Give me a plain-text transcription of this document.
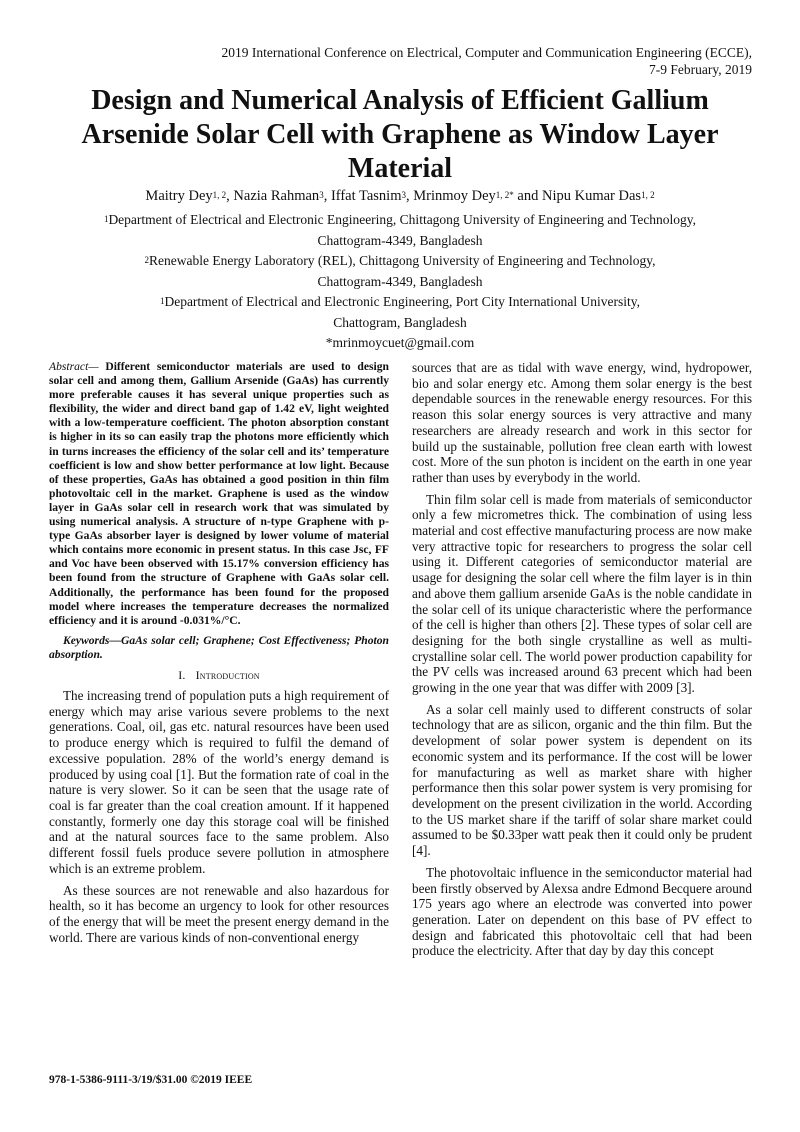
2019 International Conference on Electrical, Computer and Communication Engineering (ECCE),
7-9 February, 2019
Design and Numerical Analysis of Efficient Gallium Arsenide Solar Cell with Graphene as Window Layer Material
Maitry Dey$^{1, 2}$, Nazia Rahman$^3$, Iffat Tasnim$^3$, Mrinmoy Dey$^{1, 2*}$ and Nipu Kumar Das$^{1, 2}$

$^1$Department of Electrical and Electronic Engineering, Chittagong University of Engineering and Technology,

Chattogram-4349, Bangladesh

$^2$Renewable Energy Laboratory (REL), Chittagong University of Engineering and Technology,

Chattogram-4349, Bangladesh

$^1$Department of Electrical and Electronic Engineering, Port City International University,

Chattogram, Bangladesh

*mrinmoycuet@gmail.com

Abstract— Different semiconductor materials are used to design solar cell and among them, Gallium Arsenide (GaAs) has currently more preferable causes it has several unique properties such as flexibility, the wider and direct band gap of 1.42 eV, light weighted with a low-temperature coefficient. The photon absorption constant is higher in its so can easily trap the photons more efficiently which in turns increases the efficiency of the solar cell and its’ temperature coefficient is low and show better performance at low light. Because of these properties, GaAs has obtained a good position in thin film photovoltaic cell in the market. Graphene is used as the window layer in GaAs solar cell in research work that was simulated by using numerical analysis. A structure of n-type Graphene with p-type GaAs absorber layer is designed by lower volume of material which contains more economic in present status. In this case Jsc, FF and Voc have been observed with 15.17% conversion efficiency has been found from the structure of Graphene with GaAs solar cell. Additionally, the performance has been found for the proposed model where increases the temperature decreases the normalized efficiency and it is around -0.031%/°C.

Keywords—GaAs solar cell; Graphene; Cost Effectiveness; Photon absorption.

I. Introduction

The increasing trend of population puts a high requirement of energy which may arise various severe problems to the next generations. Coal, oil, gas etc. natural resources have been used to produce energy which is required to fulfil the demand of excessive population. 28% of the world’s energy demand is produced by using coal [1]. But the formation rate of coal in the nature is very slower. So it can be seen that the usage rate of coal is far greater than the coal creation amount. If it happened constantly, formerly one day this storage coal will be finished and at the natural sources face to the same problem. Also different fossil fuels produce severe pollution in atmosphere which is an extreme problem.

As these sources are not renewable and also hazardous for health, so it has become an urgency to look for other resources of the energy that will be meet the present energy demand in the world. There are various kinds of non-conventional energy

sources that are as tidal with wave energy, wind, hydropower, bio and solar energy etc. Among them solar energy is the best dependable sources in the renewable energy resources. For this reason this solar energy sources is very attractive and many researchers are already research and work in this sector for build up the sustainable, pollution free clean earth with lowest cost. More of the sun photon is incident on the earth in one year rather than uses by everybody in the world.

Thin film solar cell is made from materials of semiconductor only a few micrometres thick. The combination of using less material and cost effective manufacturing process are now make very attractive topic for researchers to progress the solar cell using it. Different categories of semiconductor material are usage for designing the solar cell where the film layer is in thin and above them gallium arsenide GaAs is the noble candidate in the solar cell of its unique characteristic where the performance of the cell is higher than others [2]. These types of solar cell are designing for the both single crystalline as well as multi-crystalline solar cell. The world power production capability for the PV cells was increased around 63 precent which had been growing in the one year that was differ with 2009 [3].

As a solar cell mainly used to different constructs of solar technology that are as silicon, organic and the thin film. But the development of solar power system is dependent on its economic system and its performance. If the cost will be lower for manufacturing as well as market share with higher performance then this solar power system is very promising for development on the present civilization in the world. According to the US market share if the tariff of solar share market could assumed to be $0.33per watt peak then it could only be prudent [4].

The photovoltaic influence in the semiconductor material had been firstly observed by Alexsa andre Edmond Becquere around 175 years ago where an electrode was converted into power generation. Later on dependent on this base of PV effect to design and fabricated this photovoltaic cell that had been produce the electricity. After that day by day this concept

978-1-5386-9111-3/19/$31.00 ©2019 IEEE
